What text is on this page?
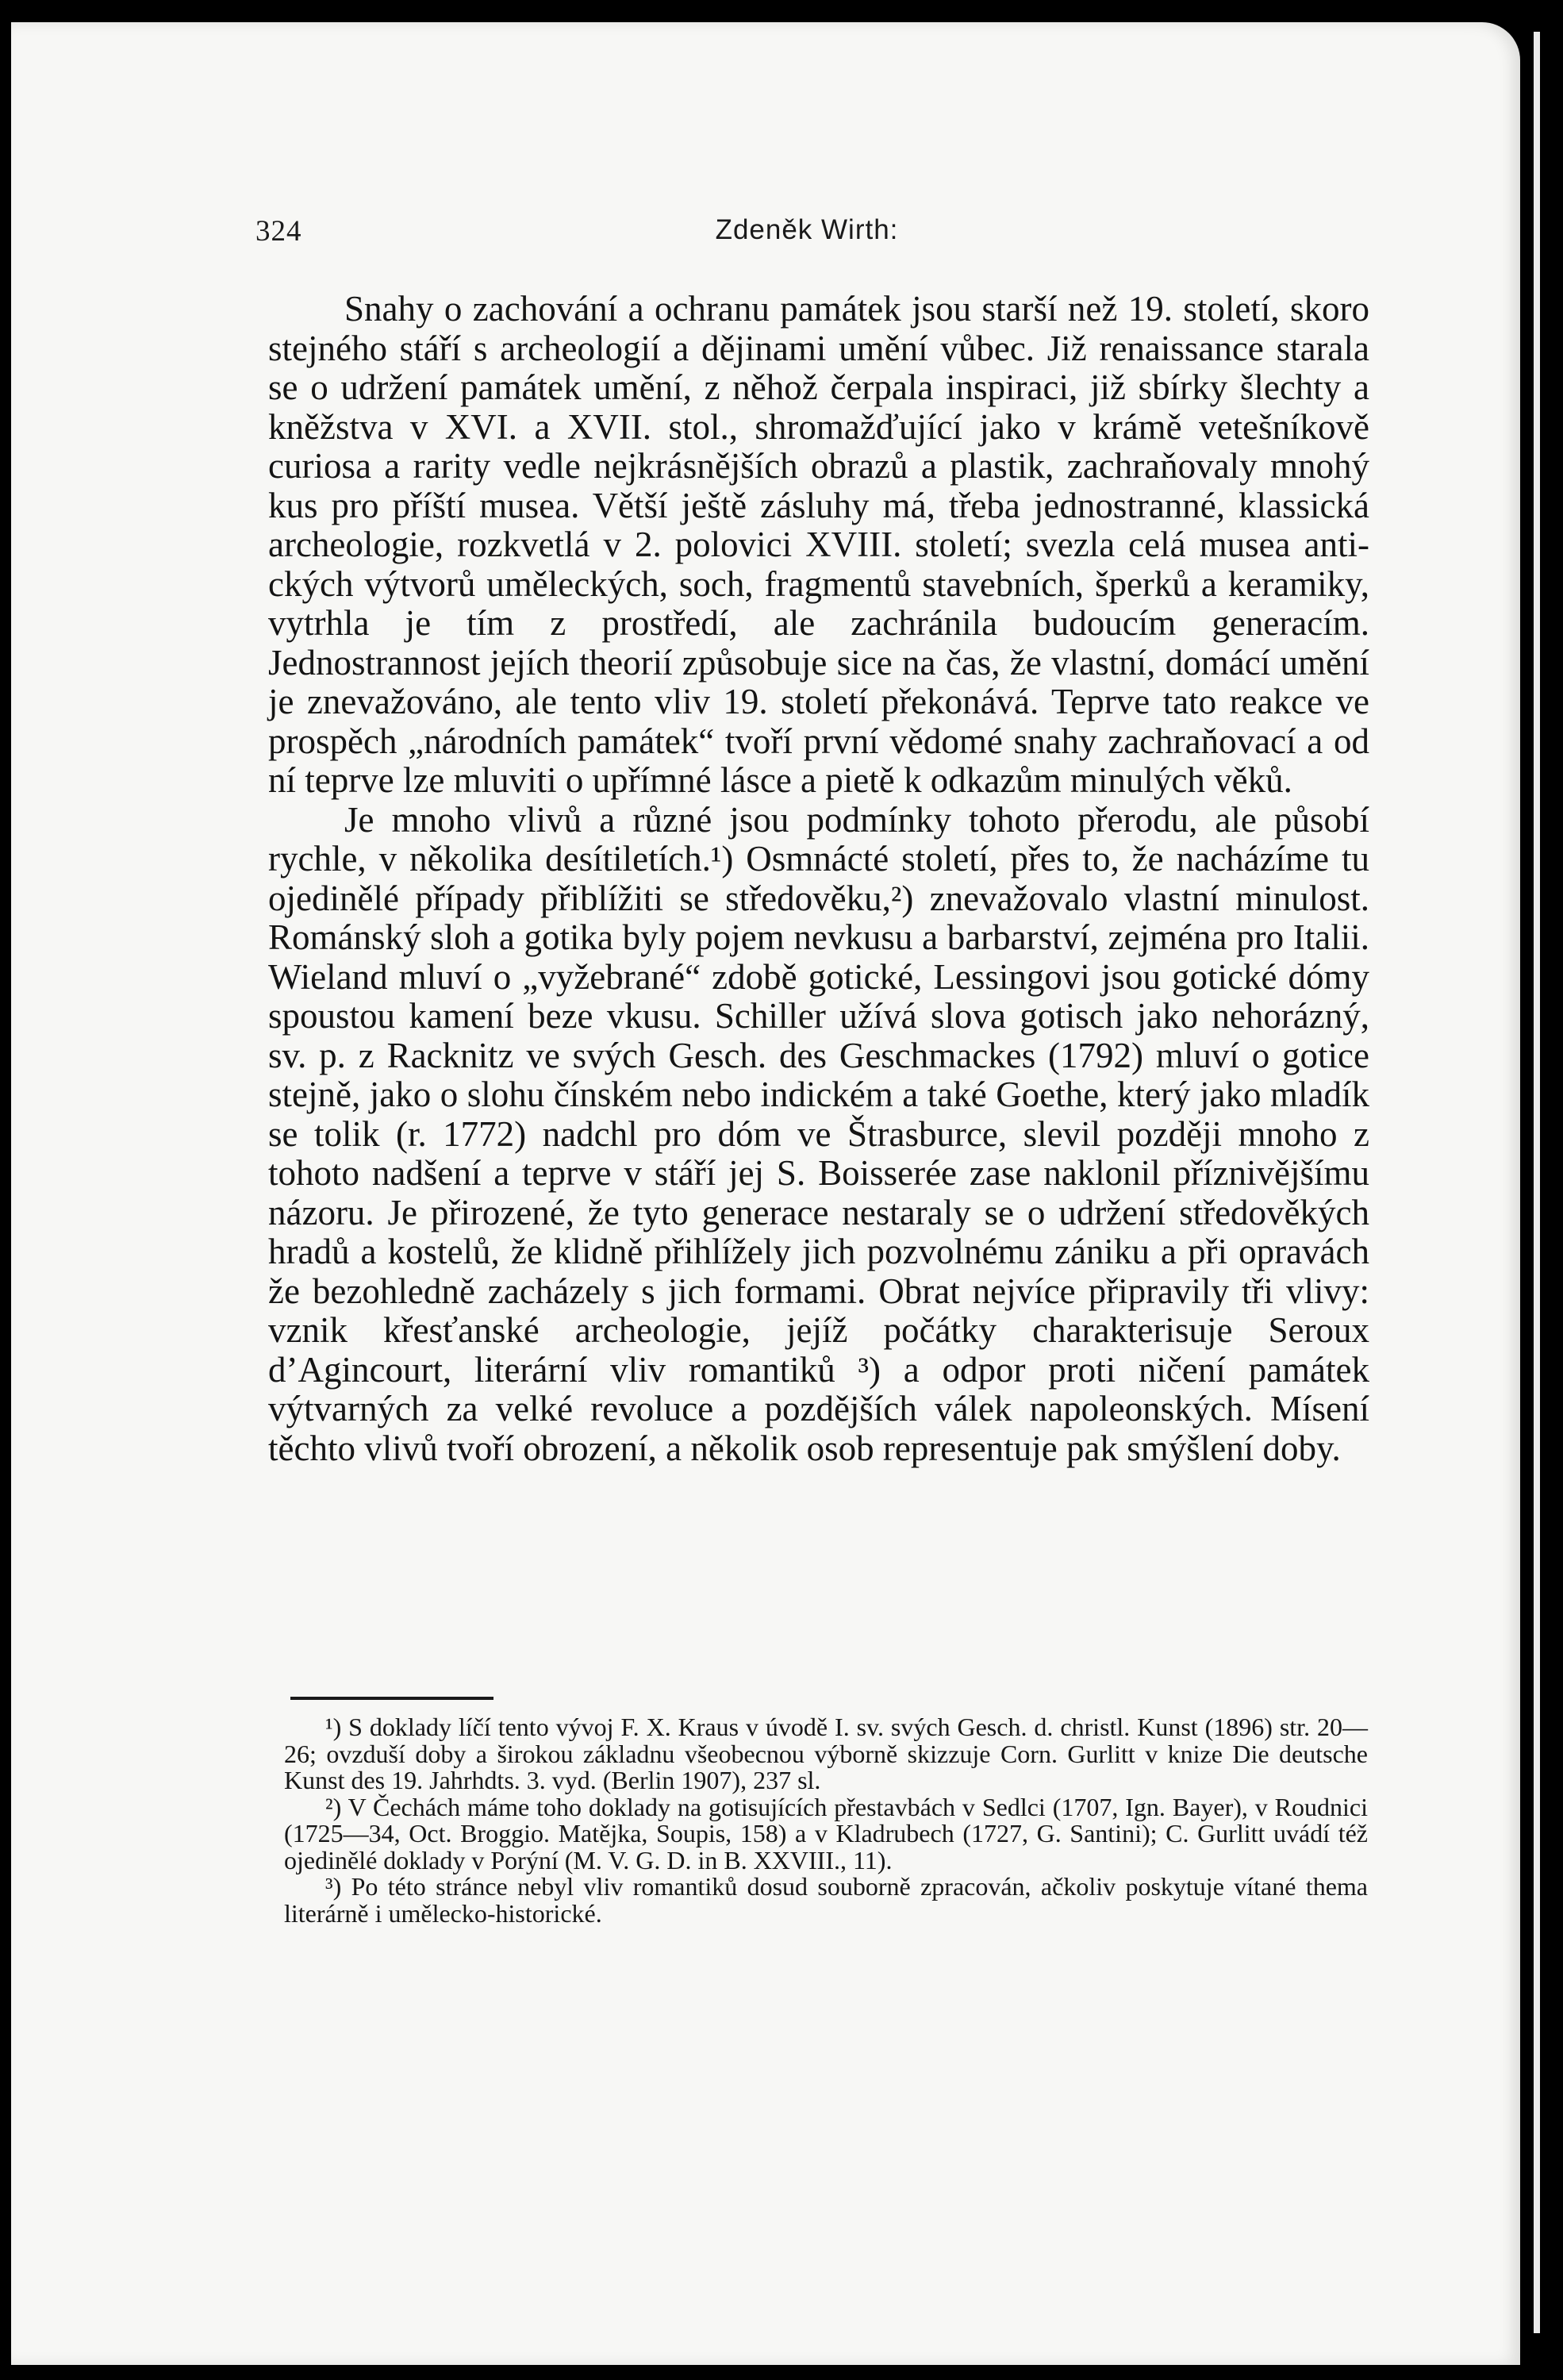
324	Zdeněk Wirth:

Snahy o zachování a ochranu památek jsou starší než 19. století, skoro stejného stáří s archeologií a dějinami umění vůbec. Již renaissance starala se o udržení památek umění, z něhož čerpala inspiraci, již sbírky šlechty a kněžstva v XVI. a XVII. stol., shromažďující jako v krámě vetešníkově curiosa a rarity vedle nejkrásnějších obrazů a plastik, zachraňovaly mnohý kus pro příští musea. Větší ještě zásluhy má, třeba jednostranné, klassická archeologie, rozkvetlá v 2. polovici XVIII. století; svezla celá musea antických výtvorů uměleckých, soch, fragmentů stavebních, šperků a keramiky, vytrhla je tím z prostředí, ale zachránila budoucím generacím. Jednostrannost jejích theorií způsobuje sice na čas, že vlastní, domácí umění je znevažováno, ale tento vliv 19. století překonává. Teprve tato reakce ve prospěch „národních památek“ tvoří první vědomé snahy zachraňovací a od ní teprve lze mluviti o upřímné lásce a pietě k odkazům minulých věků.

Je mnoho vlivů a různé jsou podmínky tohoto přerodu, ale působí rychle, v několika desítiletích.¹) Osmnácté století, přes to, že nacházíme tu ojedinělé případy přiblížiti se středověku,²) znevažovalo vlastní minulost. Románský sloh a gotika byly pojem nevkusu a barbarství, zejména pro Italii. Wieland mluví o „vyžebrané“ zdobě gotické, Lessingovi jsou gotické dómy spoustou kamení beze vkusu. Schiller užívá slova gotisch jako nehorázný, sv. p. z Racknitz ve svých Gesch. des Geschmackes (1792) mluví o gotice stejně, jako o slohu čínském nebo indickém a také Goethe, který jako mladík se tolik (r. 1772) nadchl pro dóm ve Štrasburce, slevil později mnoho z tohoto nadšení a teprve v stáří jej S. Boisserée zase naklonil příznivějšímu názoru. Je přirozené, že tyto generace nestaraly se o udržení středověkých hradů a kostelů, že klidně přihlížely jich pozvolnému zániku a při opravách že bezohledně zacházely s jich formami. Obrat nejvíce připravily tři vlivy: vznik křesťanské archeologie, jejíž počátky charakterisuje Seroux d’Agincourt, literární vliv romantiků ³) a odpor proti ničení památek výtvarných za velké revoluce a pozdějších válek napoleonských. Mísení těchto vlivů tvoří obrození, a několik osob representuje pak smýšlení doby.

¹) S doklady líčí tento vývoj F. X. Kraus v úvodě I. sv. svých Gesch. d. christl. Kunst (1896) str. 20—26; ovzduší doby a širokou základnu všeobecnou výborně skizzuje Corn. Gurlitt v knize Die deutsche Kunst des 19. Jahrhdts. 3. vyd. (Berlin 1907), 237 sl.

²) V Čechách máme toho doklady na gotisujících přestavbách v Sedlci (1707, Ign. Bayer), v Roudnici (1725—34, Oct. Broggio. Matějka, Soupis, 158) a v Kladrubech (1727, G. Santini); C. Gurlitt uvádí též ojedinělé doklady v Porýní (M. V. G. D. in B. XXVIII., 11).

³) Po této stránce nebyl vliv romantiků dosud souborně zpracován, ačkoliv poskytuje vítané thema literárně i umělecko-historické.
